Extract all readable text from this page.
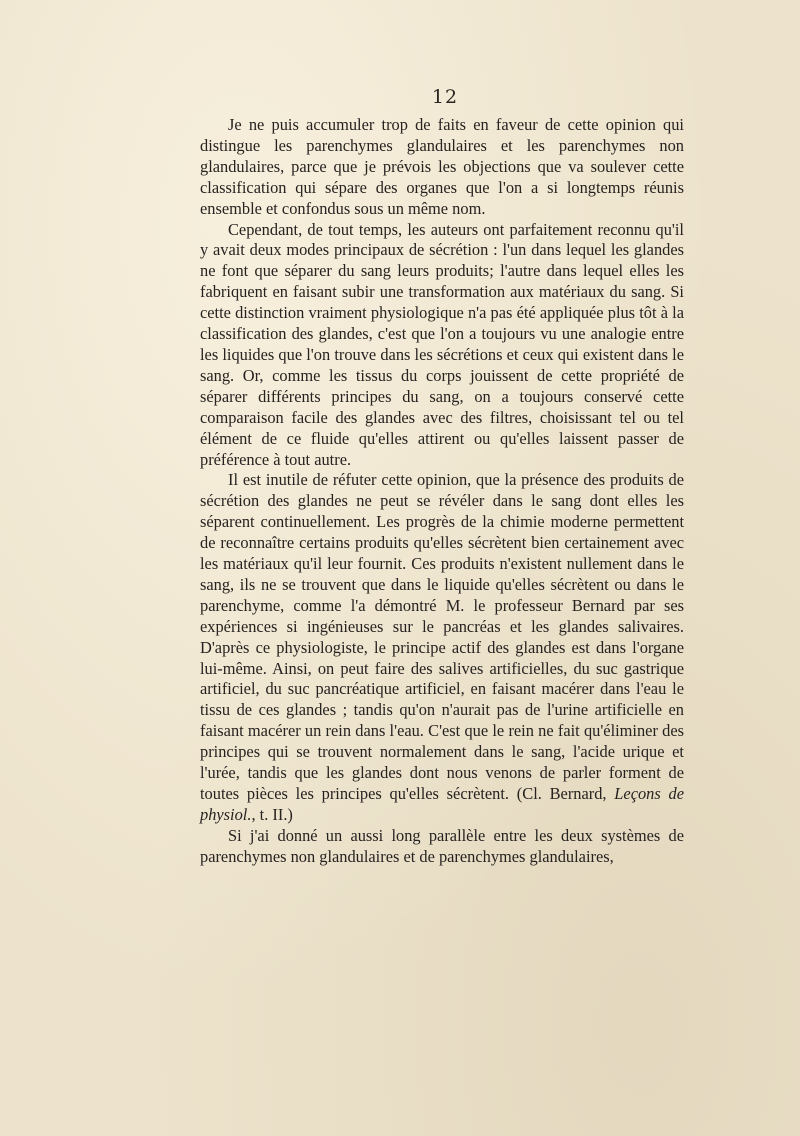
12

Je ne puis accumuler trop de faits en faveur de cette opinion qui distingue les parenchymes glandulaires et les parenchymes non glandulaires, parce que je prévois les objections que va soulever cette classification qui sépare des organes que l'on a si longtemps réunis ensemble et confondus sous un même nom.

Cependant, de tout temps, les auteurs ont parfaitement reconnu qu'il y avait deux modes principaux de sécrétion : l'un dans lequel les glandes ne font que séparer du sang leurs produits; l'autre dans lequel elles les fabriquent en faisant subir une transformation aux matériaux du sang. Si cette distinction vraiment physiologique n'a pas été appliquée plus tôt à la classification des glandes, c'est que l'on a toujours vu une analogie entre les liquides que l'on trouve dans les sécrétions et ceux qui existent dans le sang. Or, comme les tissus du corps jouissent de cette propriété de séparer différents principes du sang, on a toujours conservé cette comparaison facile des glandes avec des filtres, choisissant tel ou tel élément de ce fluide qu'elles attirent ou qu'elles laissent passer de préférence à tout autre.

Il est inutile de réfuter cette opinion, que la présence des produits de sécrétion des glandes ne peut se révéler dans le sang dont elles les séparent continuellement. Les progrès de la chimie moderne permettent de reconnaître certains produits qu'elles sécrètent bien certainement avec les matériaux qu'il leur fournit. Ces produits n'existent nullement dans le sang, ils ne se trouvent que dans le liquide qu'elles sécrètent ou dans le parenchyme, comme l'a démontré M. le professeur Bernard par ses expériences si ingénieuses sur le pancréas et les glandes salivaires. D'après ce physiologiste, le principe actif des glandes est dans l'organe lui-même. Ainsi, on peut faire des salives artificielles, du suc gastrique artificiel, du suc pancréatique artificiel, en faisant macérer dans l'eau le tissu de ces glandes ; tandis qu'on n'aurait pas de l'urine artificielle en faisant macérer un rein dans l'eau. C'est que le rein ne fait qu'éliminer des principes qui se trouvent normalement dans le sang, l'acide urique et l'urée, tandis que les glandes dont nous venons de parler forment de toutes pièces les principes qu'elles sécrètent. (Cl. Bernard, Leçons de physiol., t. II.)

Si j'ai donné un aussi long parallèle entre les deux systèmes de parenchymes non glandulaires et de parenchymes glandulaires,
